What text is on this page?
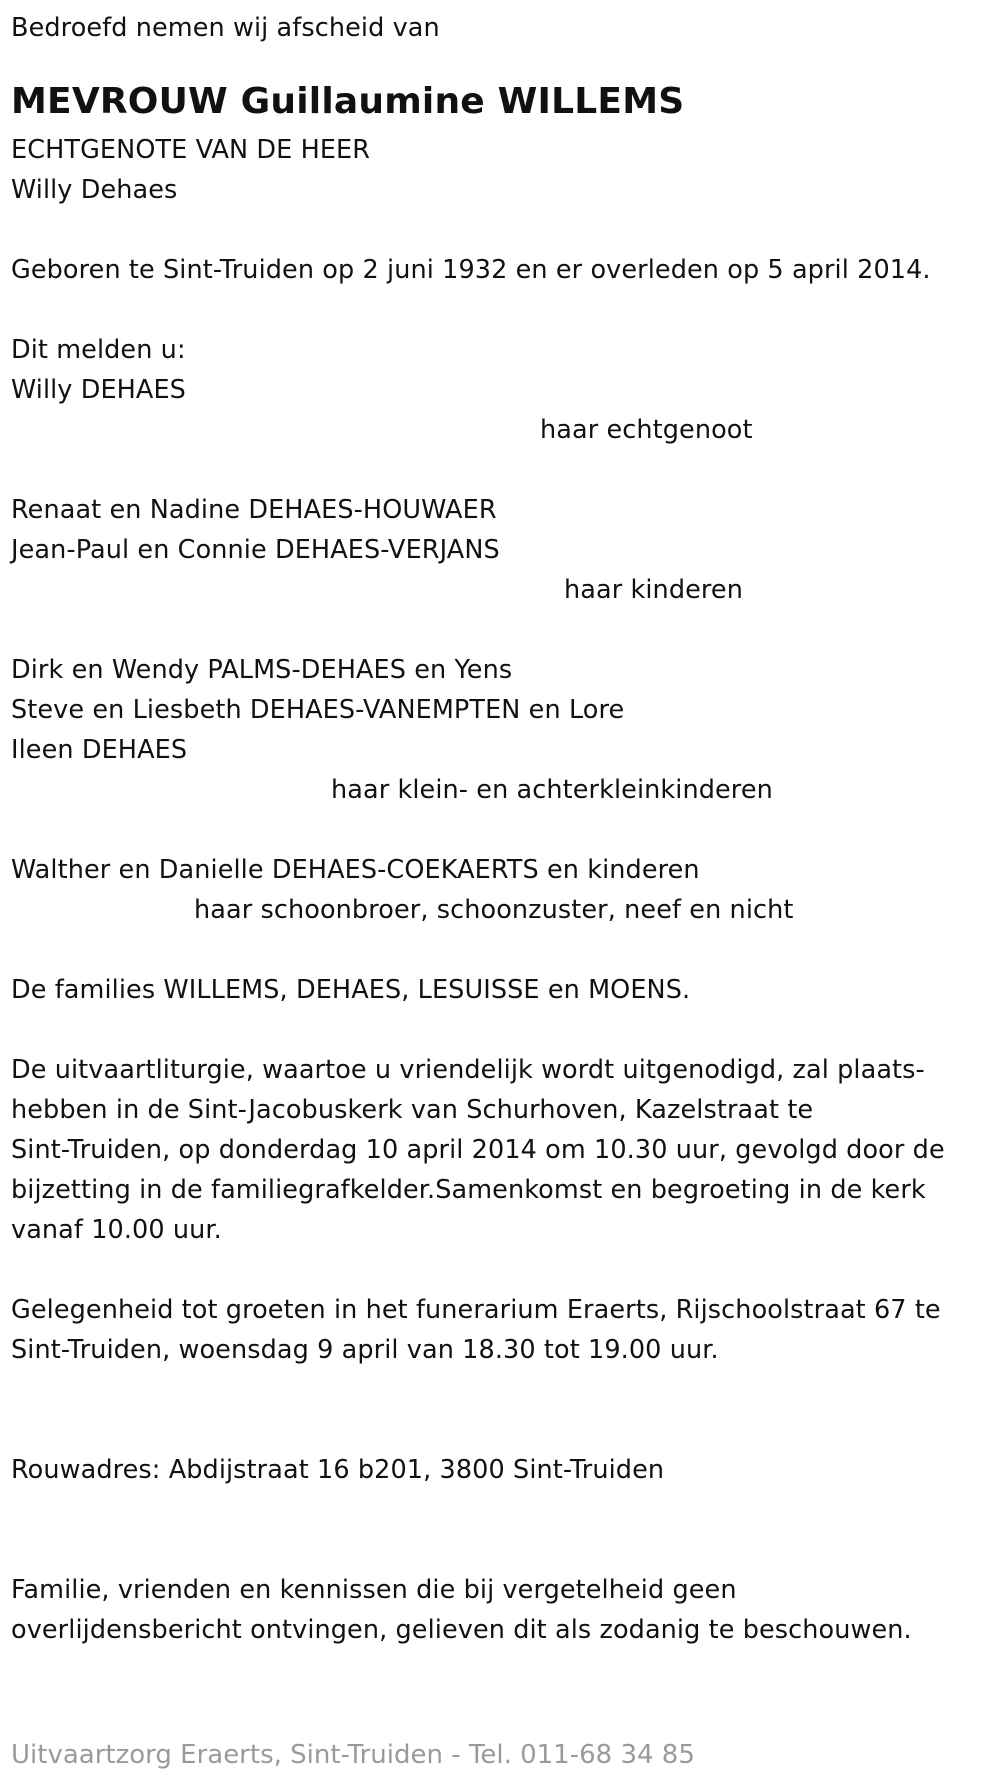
Bedroefd nemen wij afscheid van
MEVROUW Guillaumine WILLEMS
ECHTGENOTE VAN DE HEER
Willy Dehaes
Geboren te Sint-Truiden op 2 juni 1932 en er overleden op 5 april 2014.
Dit melden u:
Willy DEHAES
haar echtgenoot
Renaat en Nadine DEHAES-HOUWAER
Jean-Paul en Connie DEHAES-VERJANS
haar kinderen
Dirk en Wendy PALMS-DEHAES en Yens
Steve en Liesbeth DEHAES-VANEMPTEN en Lore
Ileen DEHAES
haar klein- en achterkleinkinderen
Walther en Danielle DEHAES-COEKAERTS en kinderen
haar schoonbroer, schoonzuster, neef en nicht
De families WILLEMS, DEHAES, LESUISSE en MOENS.
De uitvaartliturgie, waartoe u vriendelijk wordt uitgenodigd, zal plaats-
hebben in de Sint-Jacobuskerk van Schurhoven, Kazelstraat te
Sint-Truiden, op donderdag 10 april 2014 om 10.30 uur, gevolgd door de
bijzetting in de familiegrafkelder.Samenkomst en begroeting in de kerk
vanaf 10.00 uur.
Gelegenheid tot groeten in het funerarium Eraerts, Rijschoolstraat 67 te
Sint-Truiden, woensdag 9 april van 18.30 tot 19.00 uur.
Rouwadres: Abdijstraat 16 b201, 3800 Sint-Truiden
Familie, vrienden en kennissen die bij vergetelheid geen
overlijdensbericht ontvingen, gelieven dit als zodanig te beschouwen.
Uitvaartzorg Eraerts, Sint-Truiden - Tel. 011-68 34 85
